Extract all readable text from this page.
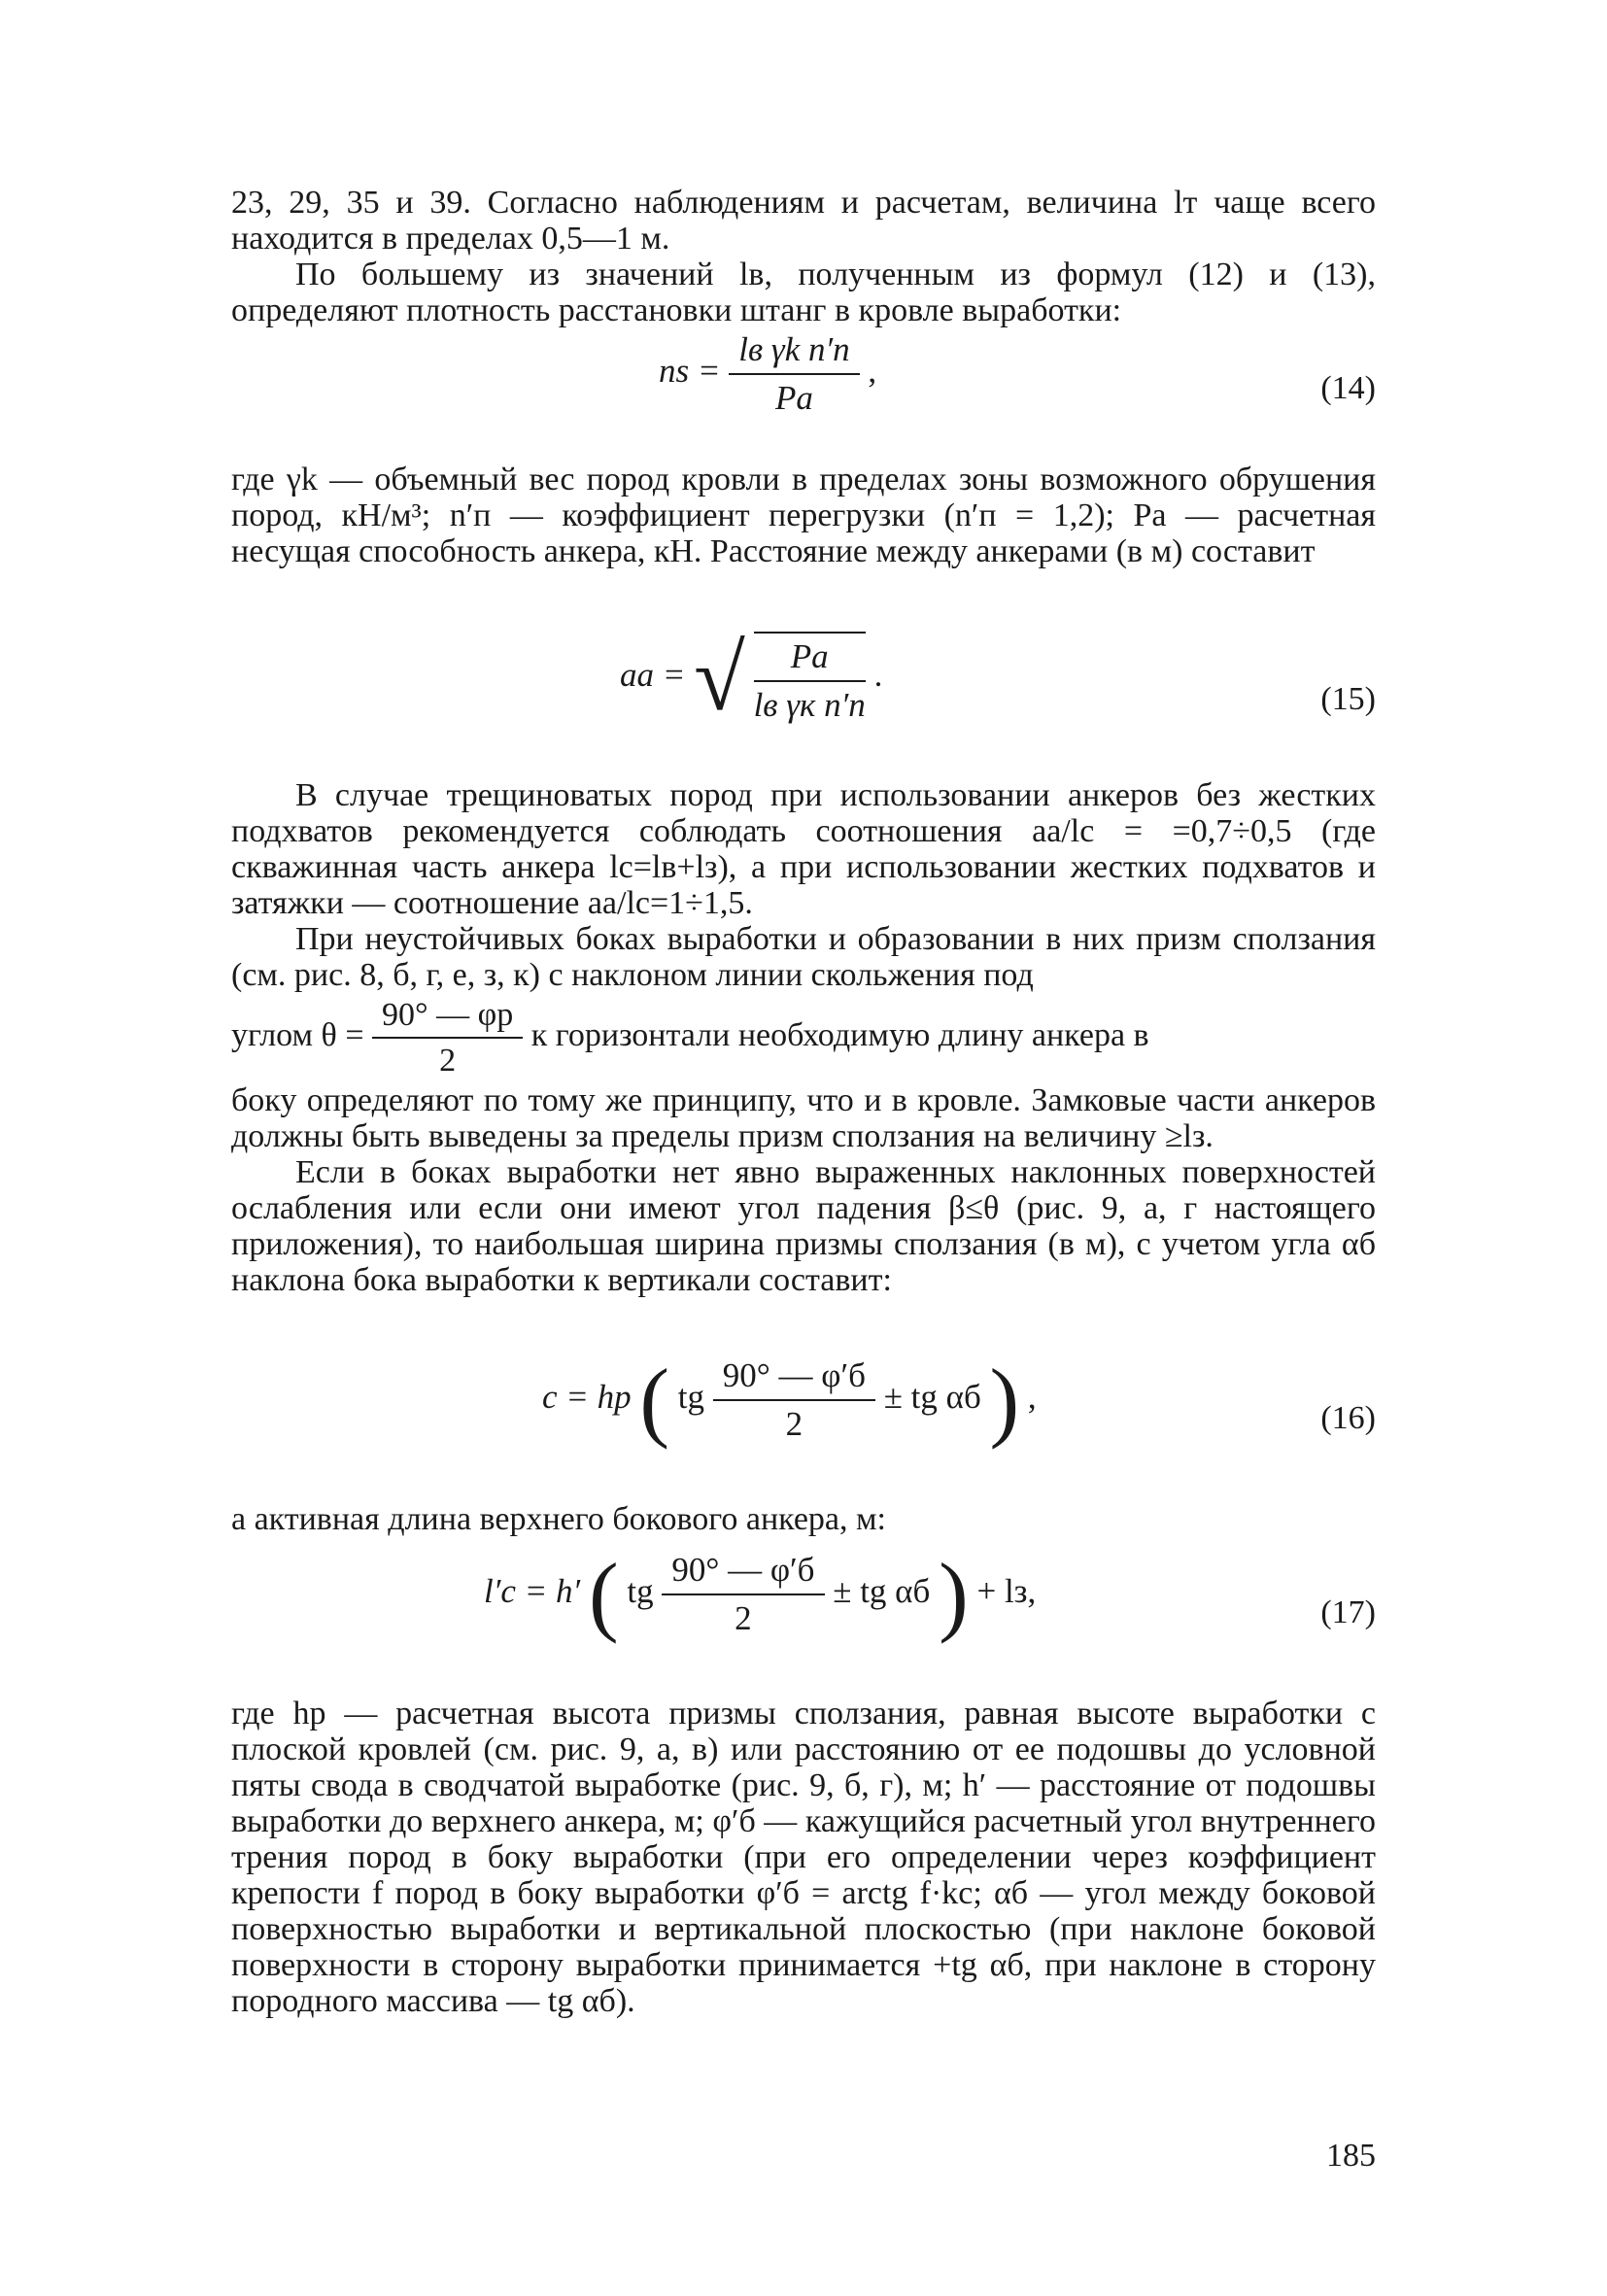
23, 29, 35 и 39. Согласно наблюдениям и расчетам, величина lт чаще всего находится в пределах 0,5—1 м.

По большему из значений lв, полученным из формул (12) и (13), определяют плотность расстановки штанг в кровле выработки:

ns = $\frac{\text{lв γk n′п}}{Pa}$ ,	(14)

где γk — объемный вес пород кровли в пределах зоны возможного обрушения пород, кН/м³; n′п — коэффициент перегрузки (n′п = 1,2); Pa — расчетная несущая способность анкера, кН. Расстояние между анкерами (в м) составит

aa = √ $\frac{Pa}{\text{lв γк n′п}}$ .
(15)

В случае трещиноватых пород при использовании анкеров без жестких подхватов рекомендуется соблюдать соотношения aa/lc = =0,7÷0,5 (где скважинная часть анкера lc=lв+lз), а при использовании жестких подхватов и затяжки — соотношение aa/lc=1÷1,5.

При неустойчивых боках выработки и образовании в них призм сползания (см. рис. 8, б, г, е, з, к) с наклоном линии скольжения под

углом $\theta = \frac{90^\circ — \varphi р}{2}$ к горизонтали необходимую длину анкера в

боку определяют по тому же принципу, что и в кровле. Замковые части анкеров должны быть выведены за пределы призм сползания на величину ≥lз.

Если в боках выработки нет явно выраженных наклонных поверхностей ослабления или если они имеют угол падения β≤θ (рис. 9, а, г настоящего приложения), то наибольшая ширина призмы сползания (в м), с учетом угла αб наклона бока выработки к вертикали составит:

c = hр ( tg $\frac{90^\circ — \varphi'б}{2}$ ± tg αб ) ,
(16)

а активная длина верхнего бокового анкера, м:

l′c = h′ ( tg $\frac{90^\circ — \varphi'б}{2}$ ± tg αб ) + lз,
(17)

где hр — расчетная высота призмы сползания, равная высоте выработки с плоской кровлей (см. рис. 9, а, в) или расстоянию от ее подошвы до условной пяты свода в сводчатой выработке (рис. 9, б, г), м; h′ — расстояние от подошвы выработки до верхнего анкера, м; φ′б — кажущийся расчетный угол внутреннего трения пород в боку выработки (при его определении через коэффициент крепости f пород в боку выработки φ′б = arctg f·kс; αб — угол между боковой поверхностью выработки и вертикальной плоскостью (при наклоне боковой поверхности в сторону выработки принимается +tg αб, при наклоне в сторону породного массива — tg αб).

185
